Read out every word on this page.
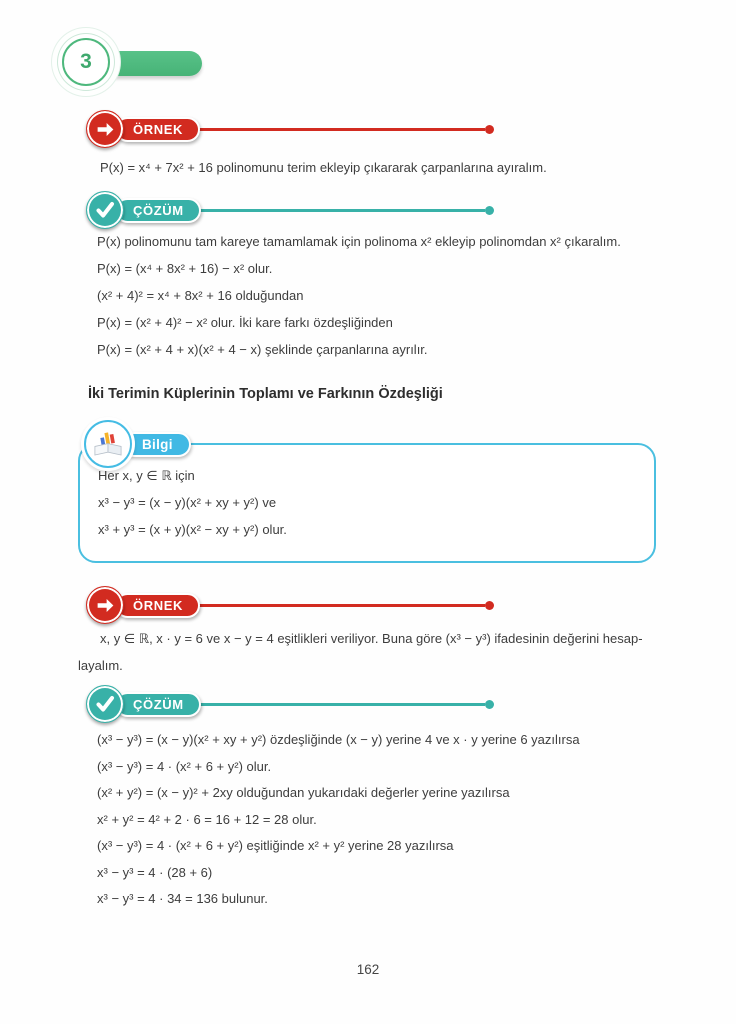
3
ÖRNEK
P(x) = x⁴ + 7x² + 16 polinomunu terim ekleyip çıkararak çarpanlarına ayıralım.
ÇÖZÜM
P(x) polinomunu tam kareye tamamlamak için polinoma x² ekleyip polinomdan x² çıkaralım.
P(x) = (x⁴ + 8x² + 16) − x² olur.
(x² + 4)² = x⁴ + 8x² + 16 olduğundan
P(x) = (x² + 4)² − x² olur. İki kare farkı özdeşliğinden
P(x) = (x² + 4 + x)(x² + 4 − x) şeklinde çarpanlarına ayrılır.
İki Terimin Küplerinin Toplamı ve Farkının Özdeşliği
Bilgi
Her x, y ∈ ℝ için
x³ − y³ = (x − y)(x² + xy + y²) ve
x³ + y³ = (x + y)(x² − xy + y²) olur.
ÖRNEK
x, y ∈ ℝ, x · y = 6 ve x − y = 4 eşitlikleri veriliyor. Buna göre (x³ − y³) ifadesinin değerini hesap-
layalım.
ÇÖZÜM
(x³ − y³) = (x − y)(x² + xy + y²) özdeşliğinde (x − y) yerine 4 ve x · y yerine 6 yazılırsa
(x³ − y³) = 4 · (x² + 6 + y²) olur.
(x² + y²) = (x − y)² + 2xy olduğundan yukarıdaki değerler yerine yazılırsa
x² + y² = 4² + 2 · 6 = 16 + 12 = 28 olur.
(x³ − y³) = 4 · (x² + 6 + y²) eşitliğinde x² + y² yerine 28 yazılırsa
x³ − y³ = 4 · (28 + 6)
x³ − y³ = 4 · 34 = 136 bulunur.
162
